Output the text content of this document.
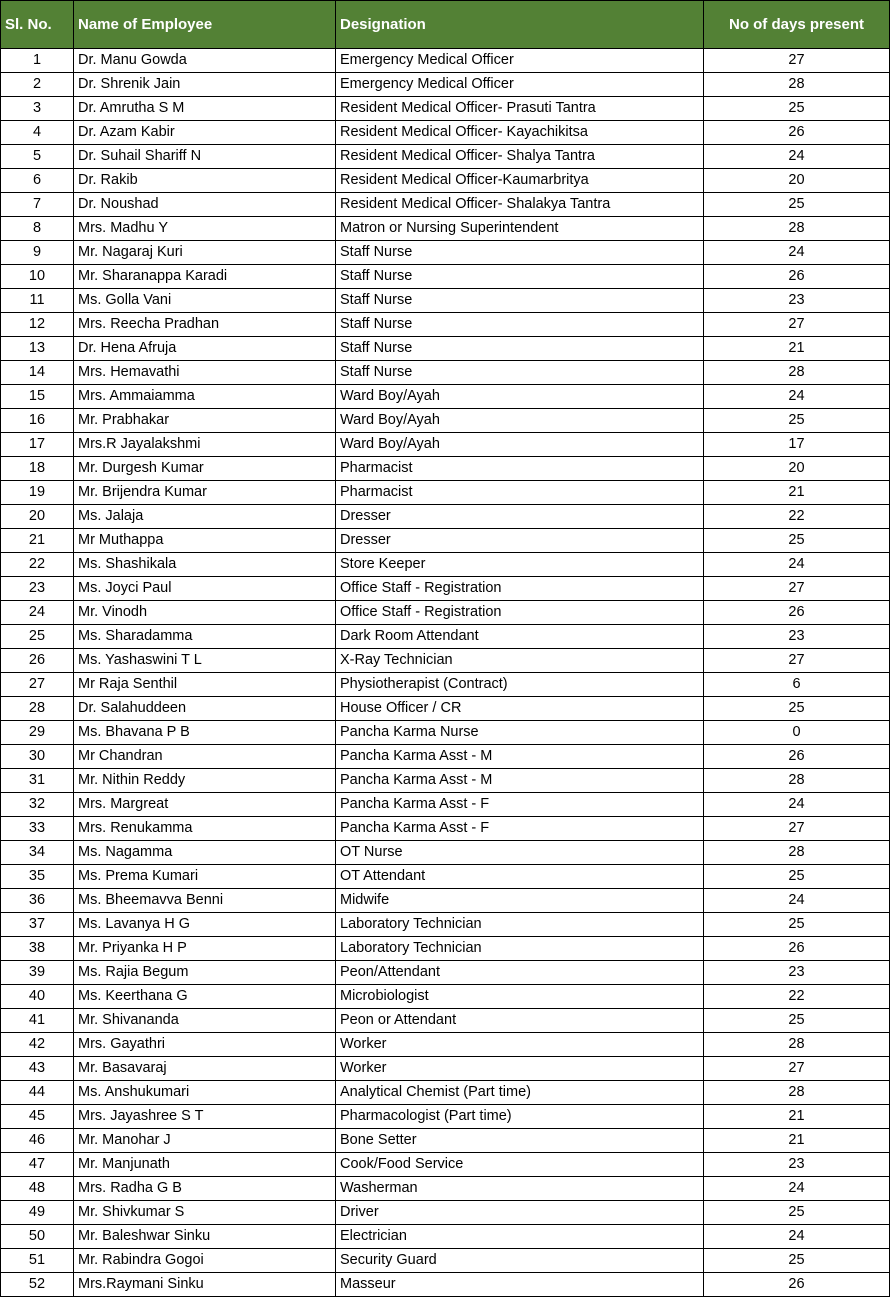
Sl. No.	Name of Employee	Designation	No of days present
1	Dr. Manu Gowda	Emergency Medical Officer	27
2	Dr. Shrenik Jain	Emergency Medical Officer	28
3	Dr. Amrutha S M	Resident Medical Officer- Prasuti Tantra	25
4	Dr. Azam Kabir	Resident Medical Officer- Kayachikitsa	26
5	Dr. Suhail Shariff N	Resident Medical Officer- Shalya Tantra	24
6	Dr. Rakib	Resident Medical Officer-Kaumarbritya	20
7	Dr. Noushad	Resident Medical Officer- Shalakya Tantra	25
8	Mrs. Madhu Y	Matron or Nursing Superintendent	28
9	Mr. Nagaraj Kuri	Staff Nurse	24
10	Mr. Sharanappa Karadi	Staff Nurse	26
11	Ms. Golla Vani	Staff Nurse	23
12	Mrs. Reecha Pradhan	Staff Nurse	27
13	Dr. Hena Afruja	Staff Nurse	21
14	Mrs. Hemavathi	Staff Nurse	28
15	Mrs. Ammaiamma	Ward Boy/Ayah	24
16	Mr. Prabhakar	Ward Boy/Ayah	25
17	Mrs.R Jayalakshmi	Ward Boy/Ayah	17
18	Mr. Durgesh Kumar	Pharmacist	20
19	Mr. Brijendra Kumar	Pharmacist	21
20	Ms. Jalaja	Dresser	22
21	Mr Muthappa	Dresser	25
22	Ms. Shashikala	Store Keeper	24
23	Ms. Joyci Paul	Office Staff - Registration	27
24	Mr. Vinodh	Office Staff - Registration	26
25	Ms. Sharadamma	Dark Room Attendant	23
26	Ms. Yashaswini T L	X-Ray Technician	27
27	Mr Raja Senthil	Physiotherapist (Contract)	6
28	Dr. Salahuddeen	House Officer / CR	25
29	Ms. Bhavana P B	Pancha Karma Nurse	0
30	Mr Chandran	Pancha Karma Asst - M	26
31	Mr. Nithin Reddy	Pancha Karma Asst - M	28
32	Mrs. Margreat	Pancha Karma Asst - F	24
33	Mrs. Renukamma	Pancha Karma Asst - F	27
34	Ms. Nagamma	OT Nurse	28
35	Ms. Prema Kumari	OT Attendant	25
36	Ms. Bheemavva Benni	Midwife	24
37	Ms. Lavanya H G	Laboratory Technician	25
38	Mr. Priyanka H P	Laboratory Technician	26
39	Ms. Rajia Begum	Peon/Attendant	23
40	Ms. Keerthana G	Microbiologist	22
41	Mr. Shivananda	Peon or Attendant	25
42	Mrs. Gayathri	Worker	28
43	Mr. Basavaraj	Worker	27
44	Ms. Anshukumari	Analytical Chemist (Part time)	28
45	Mrs. Jayashree S T	Pharmacologist (Part time)	21
46	Mr. Manohar J	Bone Setter	21
47	Mr. Manjunath	Cook/Food Service	23
48	Mrs. Radha G B	Washerman	24
49	Mr. Shivkumar S	Driver	25
50	Mr. Baleshwar Sinku	Electrician	24
51	Mr. Rabindra Gogoi	Security Guard	25
52	Mrs.Raymani Sinku	Masseur	26
